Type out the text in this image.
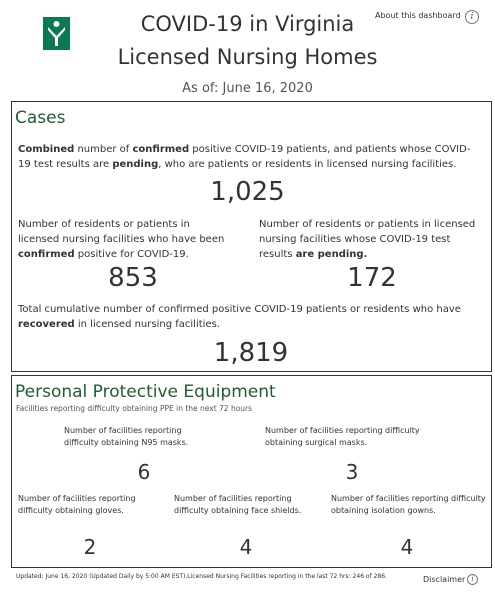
COVID-19 in Virginia
Licensed Nursing Homes
As of: June 16, 2020
About this dashboard	i
Cases
Combined number of confirmed positive COVID-19 patients, and patients whose COVID-19 test results are pending, who are patients or residents in licensed nursing facilities.
1,025
Number of residents or patients in licensed nursing facilities who have been confirmed positive for COVID-19.
853
Number of residents or patients in licensed nursing facilities whose COVID-19 test results are pending.
172
Total cumulative number of confirmed positive COVID-19 patients or residents who have recovered in licensed nursing facilities.
1,819
Personal Protective Equipment
Facilities reporting difficulty obtaining PPE in the next 72 hours
Number of facilities reporting difficulty obtaining N95 masks.
6
Number of facilities reporting difficulty obtaining surgical masks.
3
Number of facilities reporting difficulty obtaining gloves.
2
Number of facilities reporting difficulty obtaining face shields.
4
Number of facilities reporting difficulty obtaining isolation gowns.
4
Updated: June 16, 2020 (Updated Daily by 5:00 AM EST).Licensed Nursing Facilities reporting in the last 72 hrs: 246 of 286.	Disclaimer i
